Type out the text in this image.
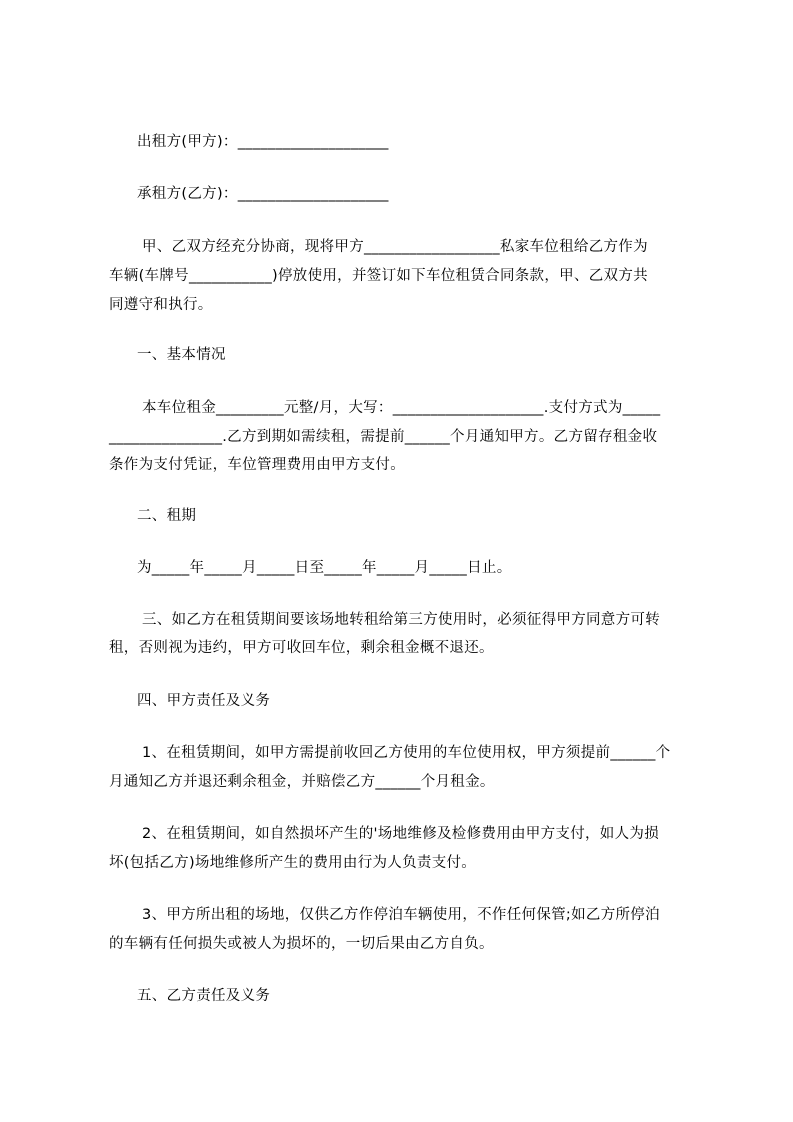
出租方(甲方)：____________________
承租方(乙方)：____________________
甲、乙双方经充分协商，现将甲方__________________私家车位租给乙方作为
车辆(车牌号___________)停放使用，并签订如下车位租赁合同条款，甲、乙双方共
同遵守和执行。
一、基本情况
本车位租金_________元整/月，大写：____________________.支付方式为_____
_______________.乙方到期如需续租，需提前______个月通知甲方。乙方留存租金收
条作为支付凭证，车位管理费用由甲方支付。
二、租期
为_____年_____月_____日至_____年_____月_____日止。
三、如乙方在租赁期间要该场地转租给第三方使用时，必须征得甲方同意方可转
租，否则视为违约，甲方可收回车位，剩余租金概不退还。
四、甲方责任及义务
1、在租赁期间，如甲方需提前收回乙方使用的车位使用权，甲方须提前______个
月通知乙方并退还剩余租金，并赔偿乙方______个月租金。
2、在租赁期间，如自然损坏产生的'场地维修及检修费用由甲方支付，如人为损
坏(包括乙方)场地维修所产生的费用由行为人负责支付。
3、甲方所出租的场地，仅供乙方作停泊车辆使用，不作任何保管;如乙方所停泊
的车辆有任何损失或被人为损坏的，一切后果由乙方自负。
五、乙方责任及义务
